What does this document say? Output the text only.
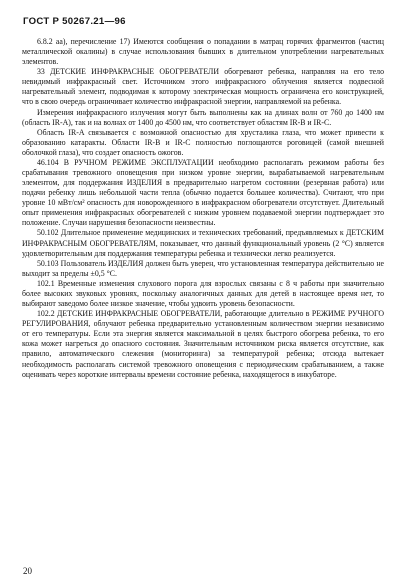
ГОСТ Р 50267.21—96

6.8.2 аа), перечисление 17) Имеются сообщения о попадании в матрац горячих фрагментов (частиц металлической окалины) в случае использования бывших в длительном употреблении нагревательных элементов.

33 ДЕТСКИЕ ИНФРАКРАСНЫЕ ОБОГРЕВАТЕЛИ обогревают ребенка, направляя на его тело невидимый инфракрасный свет. Источником этого инфракрасного облучения является подвесной нагревательный элемент, подводимая к которому электрическая мощность ограничена его конструкцией, что в свою очередь ограничивает количество инфракрасной энергии, направляемой на ребенка.

Измерения инфракрасного излучения могут быть выполнены как на длинах волн от 760 до 1400 нм (область IR-A), так и на волнах от 1400 до 4500 нм, что соответствует областям IR-B и IR-C.

Область IR-A связывается с возможной опасностью для хрусталика глаза, что может привести к образованию катаракты. Области IR-B и IR-C полностью поглощаются роговицей (самой внешней оболочкой глаза), что создает опасность ожогов.

46.104 В РУЧНОМ РЕЖИМЕ ЭКСПЛУАТАЦИИ необходимо располагать режимом работы без срабатывания тревожного оповещения при низком уровне энергии, вырабатываемой нагревательным элементом, для поддержания ИЗДЕЛИЯ в предварительно нагретом состоянии (резервная работа) или подачи ребенку лишь небольшой части тепла (обычно подается большее количества). Считают, что при уровне 10 мВт/см² опасность для новорожденного в инфракрасном обогреватели отсутствует. Длительный опыт применения инфракрасных обогревателей с низким уровнем подаваемой энергии подтверждает это положение. Случаи нарушения безопасности неизвестны.

50.102 Длительное применение медицинских и технических требований, предъявляемых к ДЕТСКИМ ИНФРАКРАСНЫМ ОБОГРЕВАТЕЛЯМ, показывает, что данный функциональный уровень (2 °С) является удовлетворительным для поддержания температуры ребенка и технически легко реализуется.

50.103 Пользователь ИЗДЕЛИЯ должен быть уверен, что установленная температура действительно не выходит за пределы ±0,5 °С.

102.1 Временные изменения слухового порога для взрослых связаны с 8 ч работы при значительно более высоких звуковых уровнях, поскольку аналогичных данных для детей в настоящее время нет, то выбирают заведомо более низкое значение, чтобы удвоить уровень безопасности.

102.2 ДЕТСКИЕ ИНФРАКРАСНЫЕ ОБОГРЕВАТЕЛИ, работающие длительно в РЕЖИМЕ РУЧНОГО РЕГУЛИРОВАНИЯ, облучают ребенка предварительно установленным количеством энергии независимо от его температуры. Если эта энергия является максимальной в целях быстрого обогрева ребенка, то его кожа может нагреться до опасного состояния. Значительным источником риска является отсутствие, как правило, автоматического слежения (мониторинга) за температурой ребенка; отсюда вытекает необходимость располагать системой тревожного оповещения с периодическим срабатыванием, а также оценивать через короткие интервалы времени состояние ребенка, находящегося в инкубаторе.

20
